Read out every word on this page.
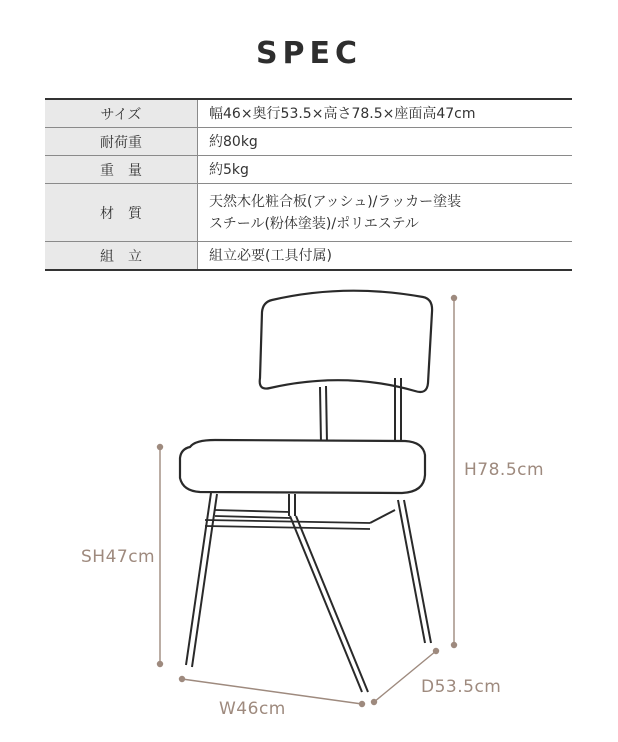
SPEC
サイズ	幅46×奥行53.5×高さ78.5×座面高47cm
耐荷重	約80kg
重　量	約5kg
材　質	天然木化粧合板(アッシュ)/ラッカー塗装
スチール(粉体塗装)/ポリエステル

組　立	組立必要(工具付属)
H78.5cm
SH47cm
W46cm
D53.5cm
